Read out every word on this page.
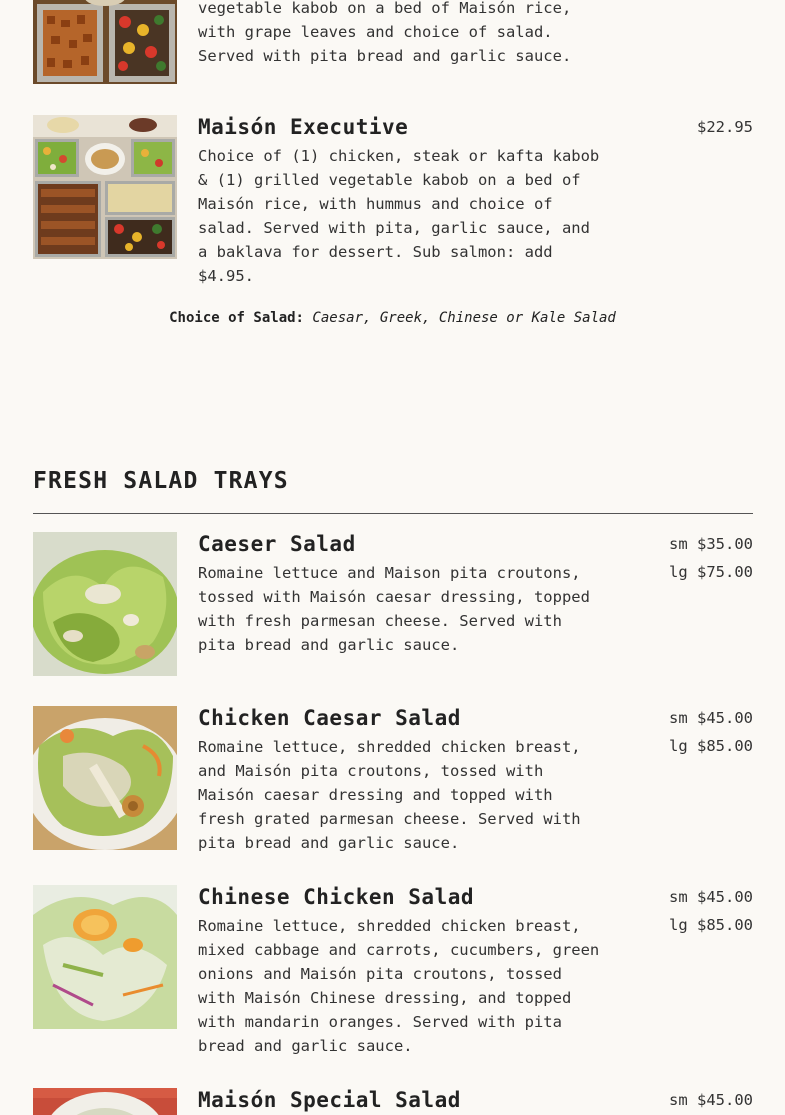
vegetable kabob on a bed of Maisón rice, with grape leaves and choice of salad. Served with pita bread and garlic sauce.
Maisón Executive	$22.95
Choice of (1) chicken, steak or kafta kabob & (1) grilled vegetable kabob on a bed of Maisón rice, with hummus and choice of salad. Served with pita, garlic sauce, and a baklava for dessert. Sub salmon: add $4.95.
Choice of Salad: Caesar, Greek, Chinese or Kale Salad
FRESH SALAD TRAYS
Caeser Salad	sm $35.00
lg $75.00
Romaine lettuce and Maison pita croutons, tossed with Maisón caesar dressing, topped with fresh parmesan cheese. Served with pita bread and garlic sauce.
Chicken Caesar Salad	sm $45.00
lg $85.00
Romaine lettuce, shredded chicken breast, and Maisón pita croutons, tossed with Maisón caesar dressing and topped with fresh grated parmesan cheese. Served with pita bread and garlic sauce.
Chinese Chicken Salad	sm $45.00
lg $85.00
Romaine lettuce, shredded chicken breast, mixed cabbage and carrots, cucumbers, green onions and Maisón pita croutons, tossed with Maisón Chinese dressing, and topped with mandarin oranges. Served with pita bread and garlic sauce.
Maisón Special Salad	sm $45.00
